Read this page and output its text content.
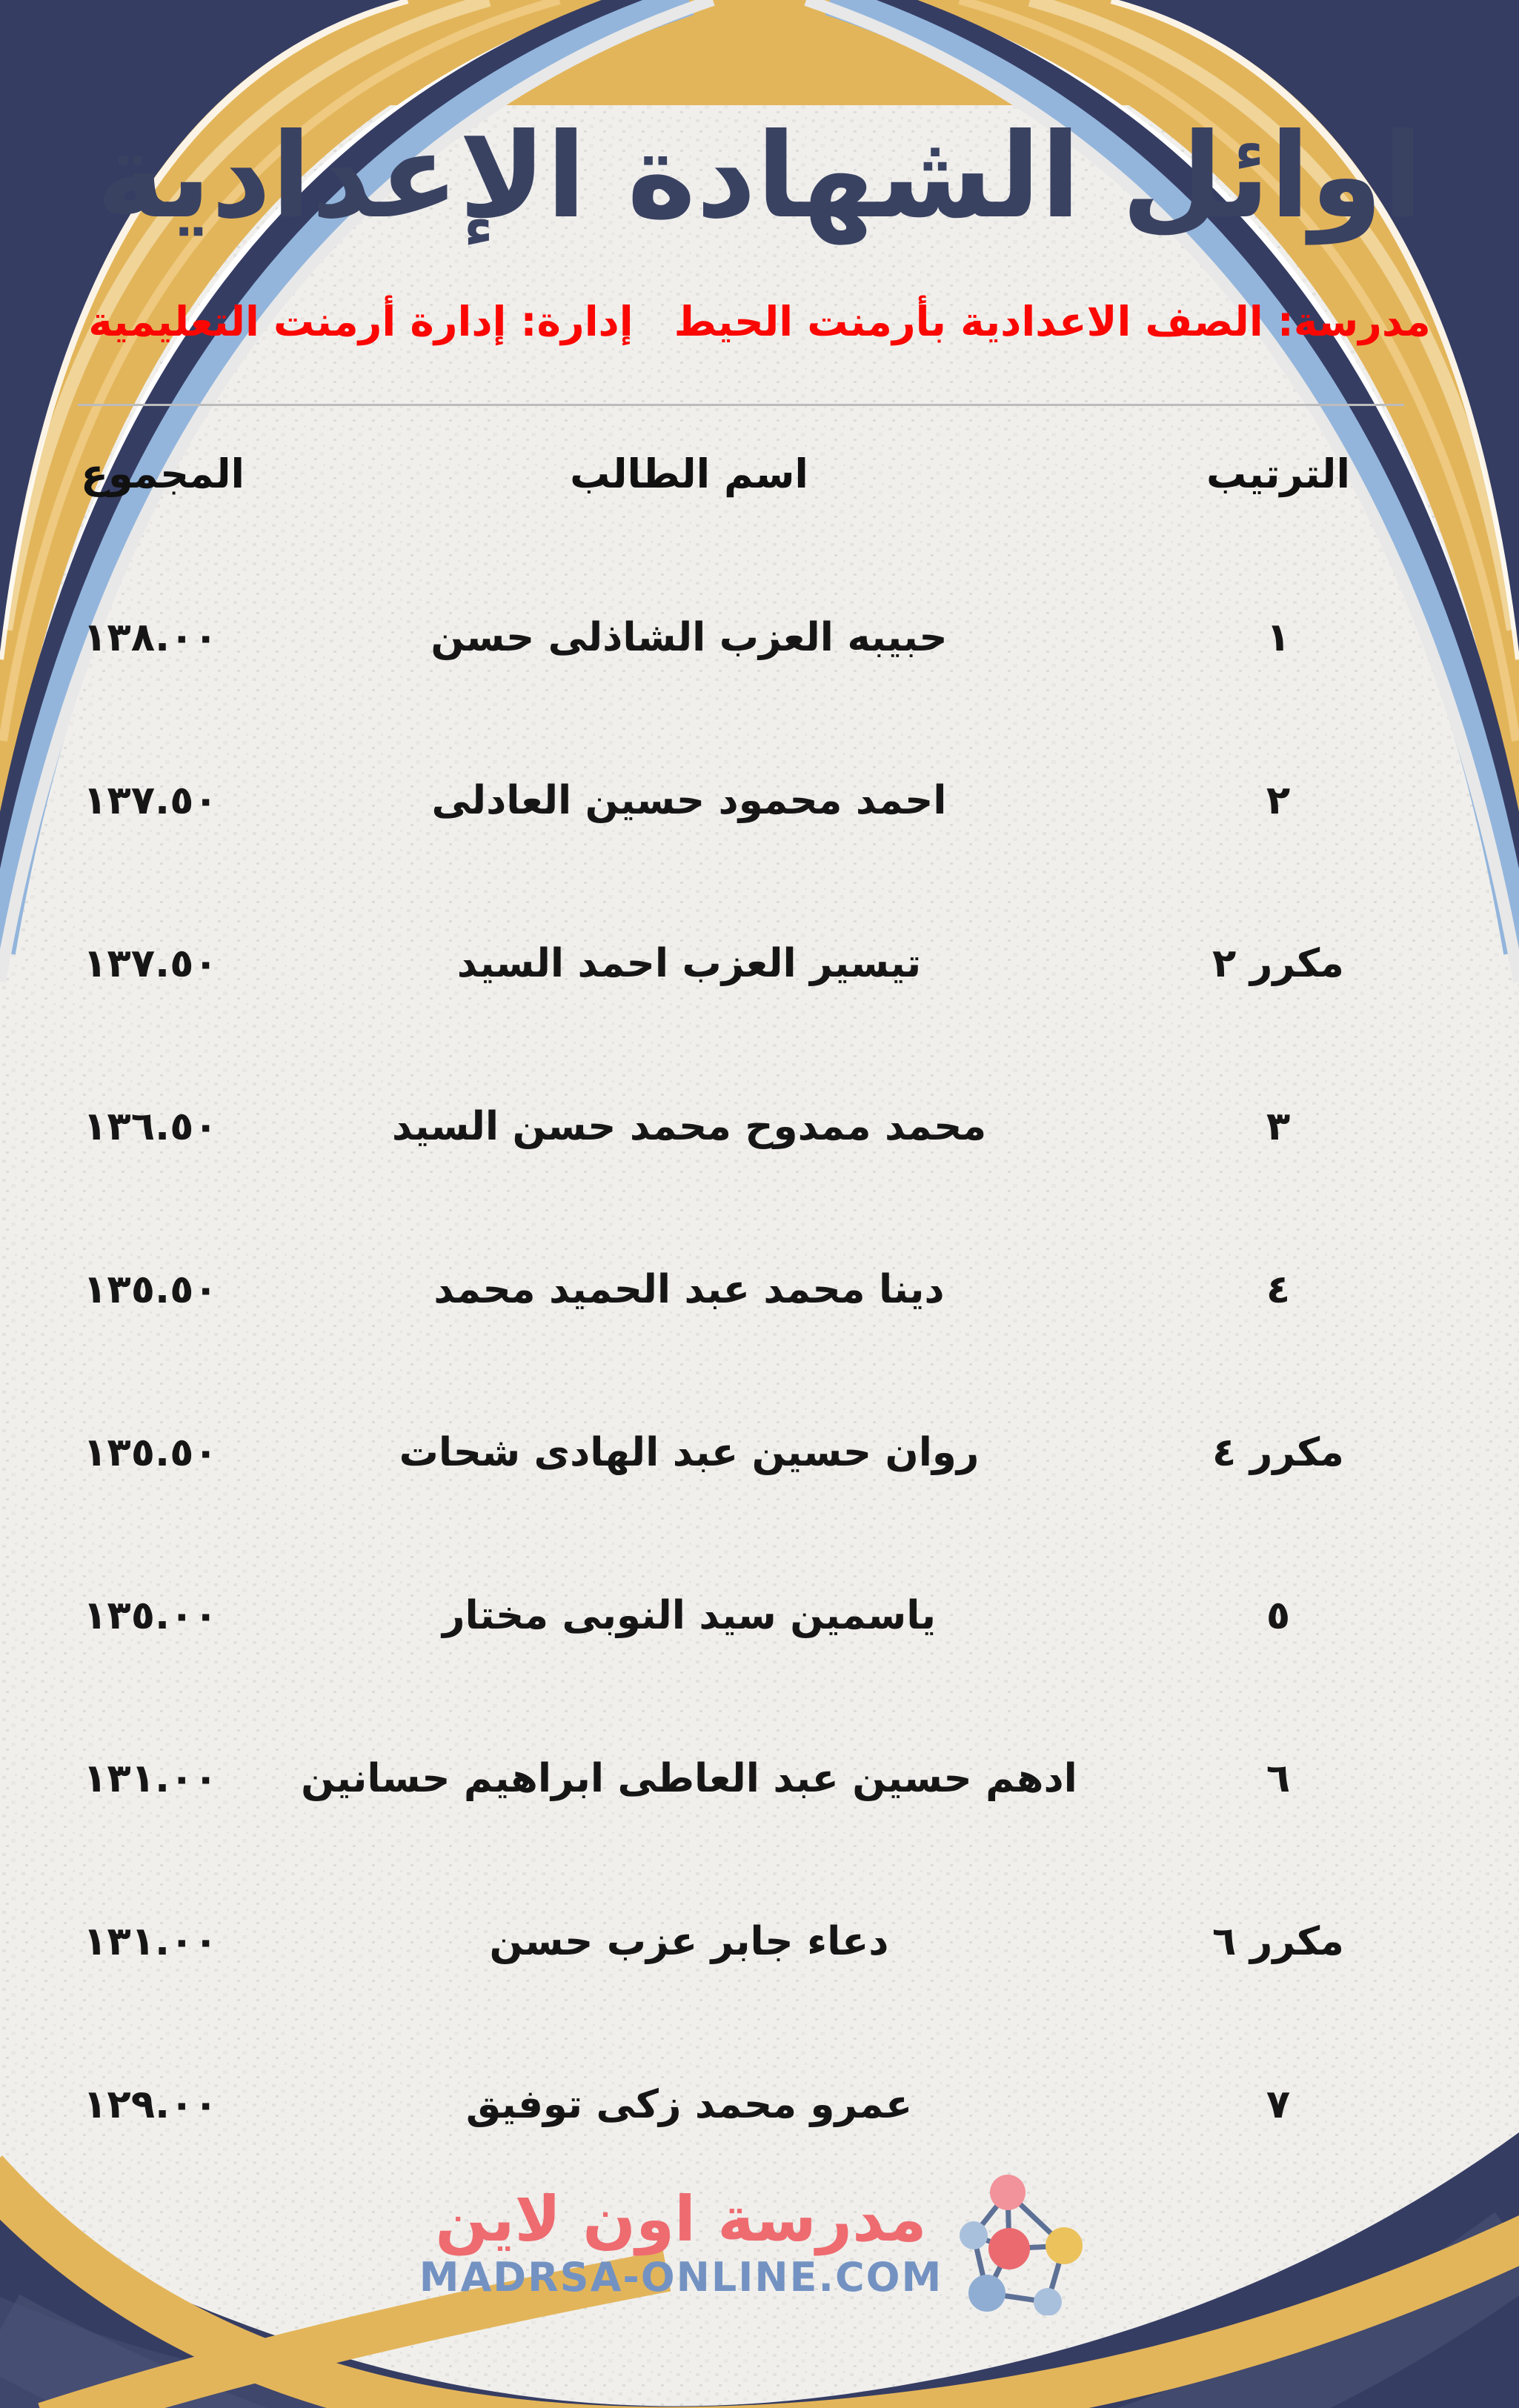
اوائل الشهادة الإعدادية
مدرسة: الصف الاعدادية بأرمنت الحيط
إدارة: إدارة أرمنت التعليمية
الترتيب
اسم الطالب
المجموع
١
حبيبه العزب الشاذلى حسن
١٣٨.٠٠
٢
احمد محمود حسين العادلى
١٣٧.٥٠
مكرر ٢
تيسير العزب احمد السيد
١٣٧.٥٠
٣
محمد ممدوح محمد حسن السيد
١٣٦.٥٠
٤
دينا محمد عبد الحميد محمد
١٣٥.٥٠
مكرر ٤
روان حسين عبد الهادى شحات
١٣٥.٥٠
٥
ياسمين سيد النوبى مختار
١٣٥.٠٠
٦
ادهم حسين عبد العاطى ابراهيم حسانين
١٣١.٠٠
مكرر ٦
دعاء جابر عزب حسن
١٣١.٠٠
٧
عمرو محمد زكى توفيق
١٢٩.٠٠
مدرسة اون لاين
MADRSA-ONLINE.COM
